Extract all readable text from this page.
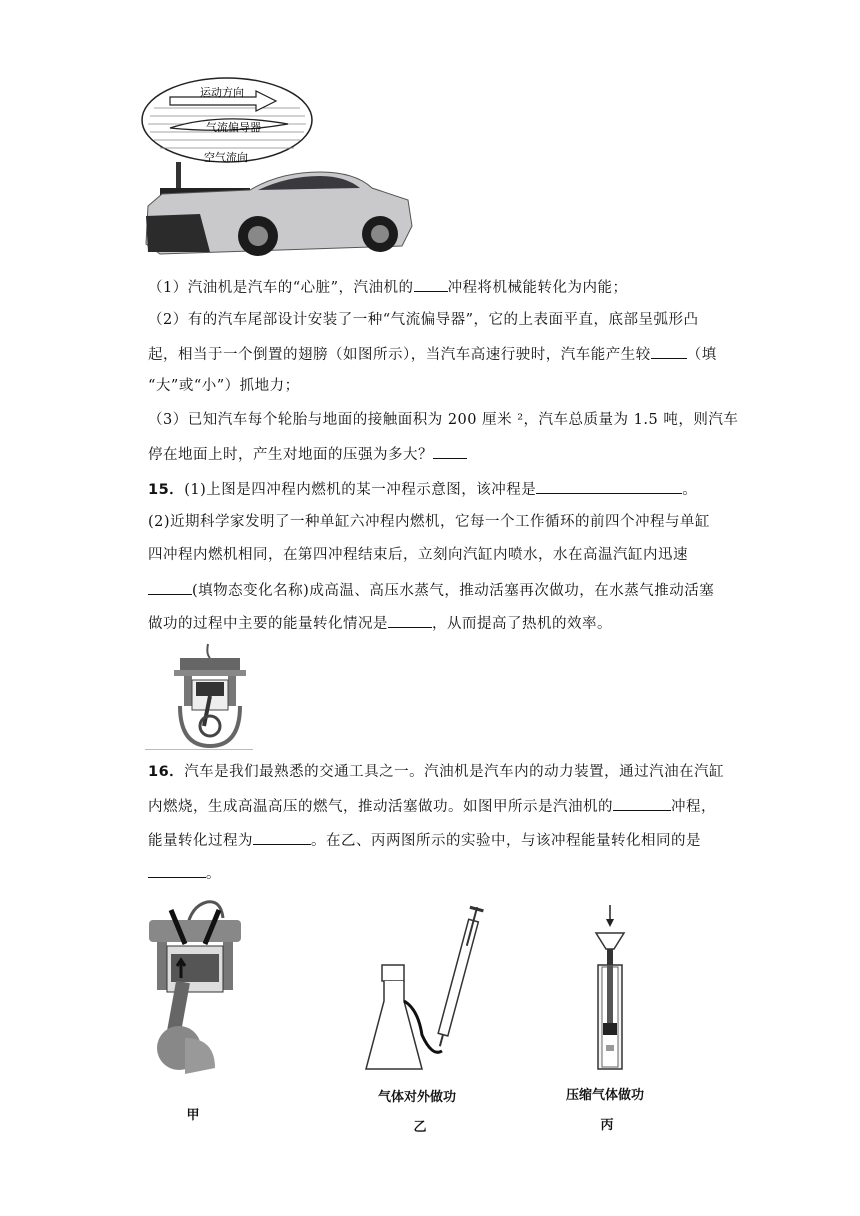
运动方向
气流偏导器
空气流向
（1）汽油机是汽车的“心脏”，汽油机的 冲程将机械能转化为内能；
（2）有的汽车尾部设计安装了一种“气流偏导器”，它的上表面平直，底部呈弧形凸
起，相当于一个倒置的翅膀（如图所示），当汽车高速行驶时，汽车能产生较 （填
“大”或“小”）抓地力；
（3）已知汽车每个轮胎与地面的接触面积为 200 厘米 ²，汽车总质量为 1.5 吨，则汽车
停在地面上时，产生对地面的压强为多大？
15．(1)上图是四冲程内燃机的某一冲程示意图，该冲程是	。
(2)近期科学家发明了一种单缸六冲程内燃机，它每一个工作循环的前四个冲程与单缸
四冲程内燃机相同，在第四冲程结束后，立刻向汽缸内喷水，水在高温汽缸内迅速
(填物态变化名称)成高温、高压水蒸气，推动活塞再次做功，在水蒸气推动活塞
做功的过程中主要的能量转化情况是	，从而提高了热机的效率。
16．汽车是我们最熟悉的交通工具之一。汽油机是汽车内的动力装置，通过汽油在汽缸
内燃烧，生成高温高压的燃气，推动活塞做功。如图甲所示是汽油机的	冲程，
能量转化过程为	。在乙、丙两图所示的实验中，与该冲程能量转化相同的是
。
甲
气体对外做功
乙
压缩气体做功
丙
